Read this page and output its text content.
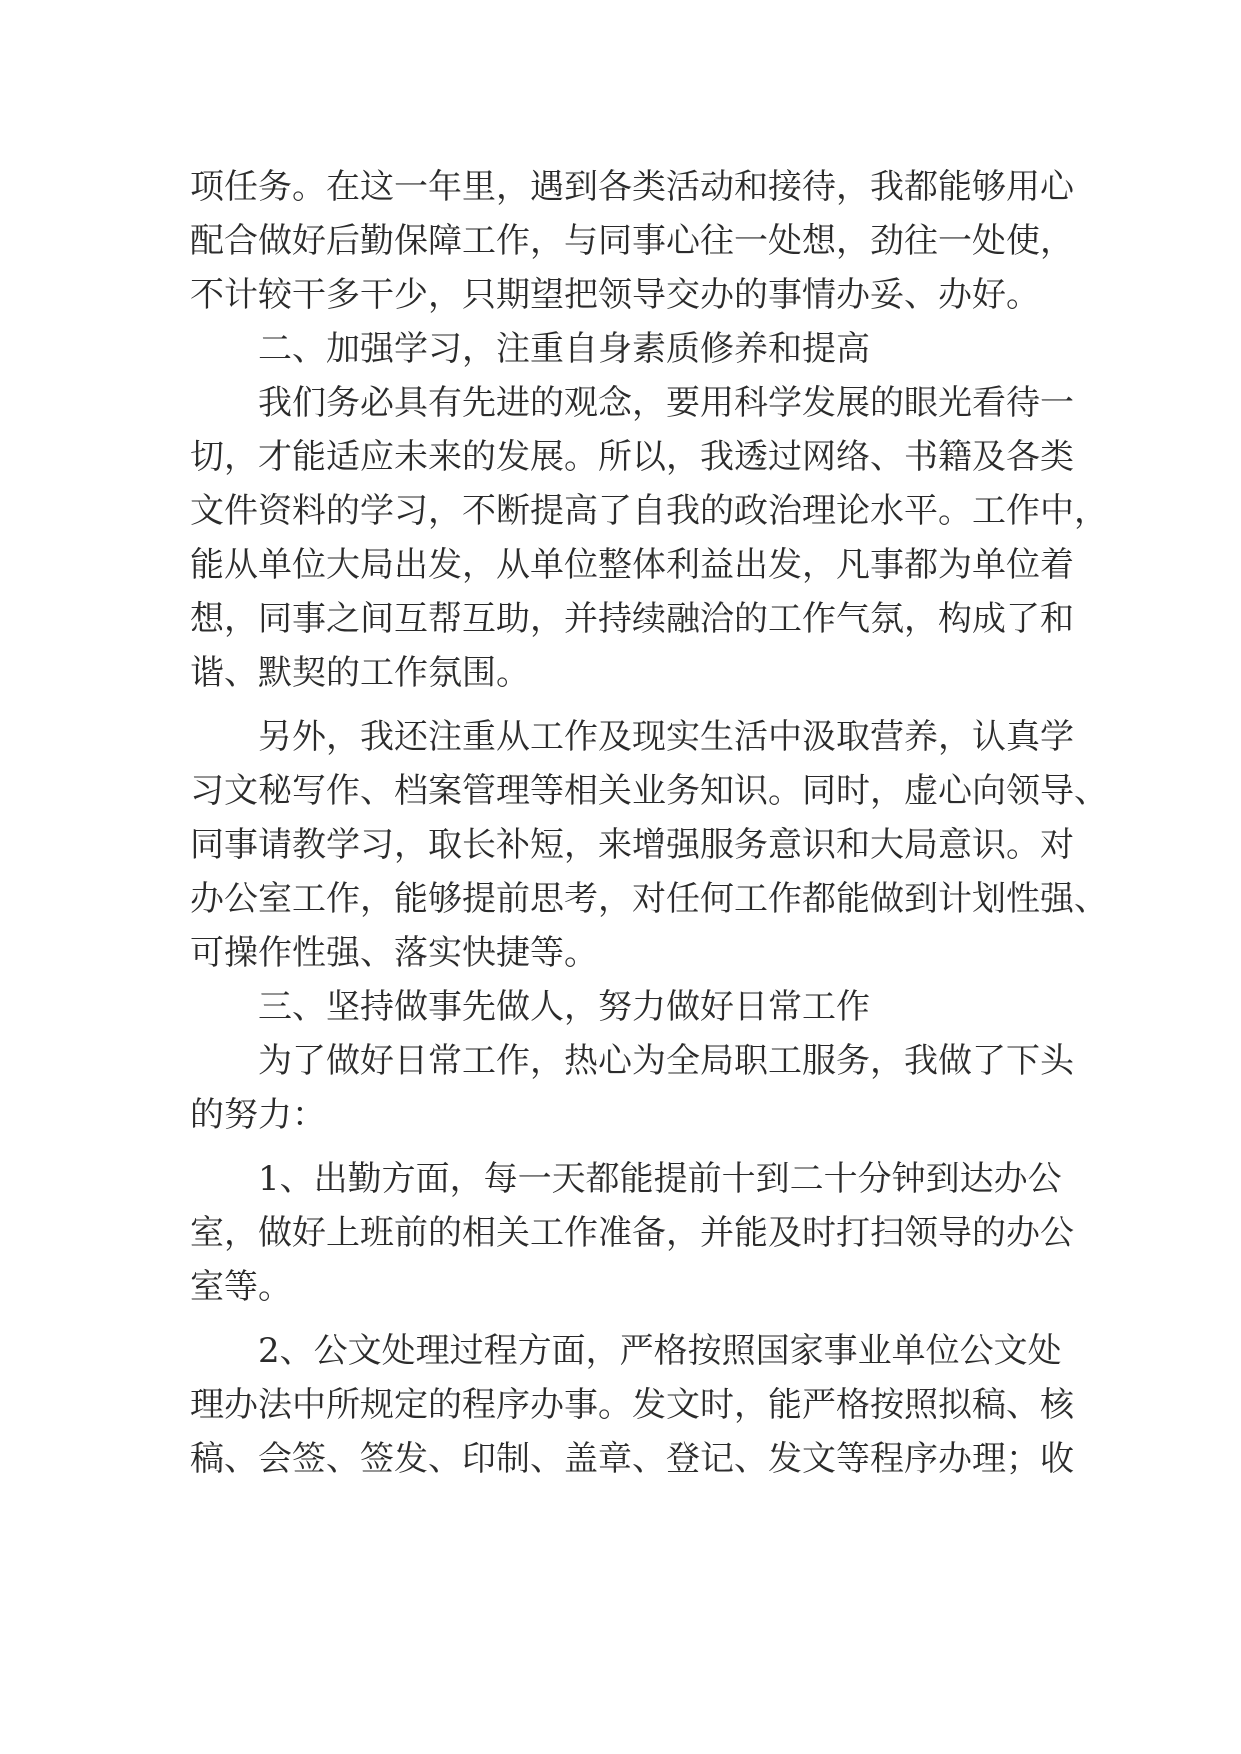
项任务。在这一年里，遇到各类活动和接待，我都能够用心
配合做好后勤保障工作，与同事心往一处想，劲往一处使，
不计较干多干少，只期望把领导交办的事情办妥、办好。
二、加强学习，注重自身素质修养和提高
我们务必具有先进的观念，要用科学发展的眼光看待一
切，才能适应未来的发展。所以，我透过网络、书籍及各类
文件资料的学习，不断提高了自我的政治理论水平。工作中，
能从单位大局出发，从单位整体利益出发，凡事都为单位着
想，同事之间互帮互助，并持续融洽的工作气氛，构成了和
谐、默契的工作氛围。
另外，我还注重从工作及现实生活中汲取营养，认真学
习文秘写作、档案管理等相关业务知识。同时，虚心向领导、
同事请教学习，取长补短，来增强服务意识和大局意识。对
办公室工作，能够提前思考，对任何工作都能做到计划性强、
可操作性强、落实快捷等。
三、坚持做事先做人，努力做好日常工作
为了做好日常工作，热心为全局职工服务，我做了下头
的努力：
1、出勤方面，每一天都能提前十到二十分钟到达办公
室，做好上班前的相关工作准备，并能及时打扫领导的办公
室等。
2、公文处理过程方面，严格按照国家事业单位公文处
理办法中所规定的程序办事。发文时，能严格按照拟稿、核
稿、会签、签发、印制、盖章、登记、发文等程序办理；收
